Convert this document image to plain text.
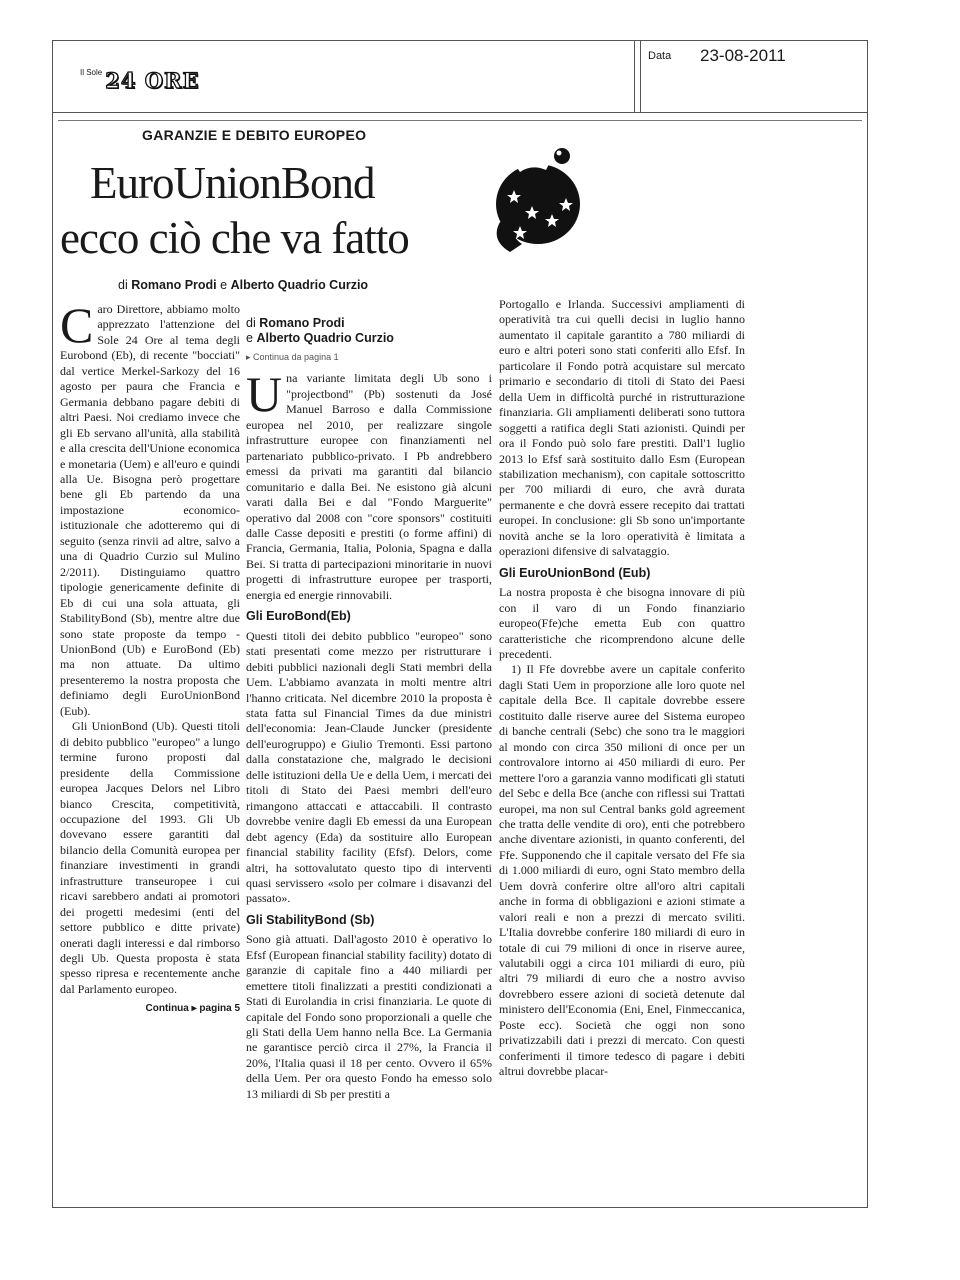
$^{Il Sole}$ 24 ORE
Data 23-08-2011
GARANZIE E DEBITO EUROPEO
EuroUnionBond
ecco ciò che va fatto
di Romano Prodi e Alberto Quadrio Curzio

Caro Direttore, abbiamo molto apprezzato l'attenzione del Sole 24 Ore al tema degli Eurobond (Eb), di recente "bocciati" dal vertice Merkel-Sarkozy del 16 agosto per paura che Francia e Germania debbano pagare debiti di altri Paesi. Noi crediamo invece che gli Eb servano all'unità, alla stabilità e alla crescita dell'Unione economica e monetaria (Uem) e all'euro e quindi alla Ue. Bisogna però progettare bene gli Eb partendo da una impostazione economico-istituzionale che adotteremo qui di seguito (senza rinvii ad altre, salvo a una di Quadrio Curzio sul Mulino 2/2011). Distinguiamo quattro tipologie genericamente definite di Eb di cui una sola attuata, gli StabilityBond (Sb), mentre altre due sono state proposte da tempo - UnionBond (Ub) e EuroBond (Eb) ma non attuate. Da ultimo presenteremo la nostra proposta che definiamo degli EuroUnionBond (Eub).

Gli UnionBond (Ub). Questi titoli di debito pubblico "europeo" a lungo termine furono proposti dal presidente della Commissione europea Jacques Delors nel Libro bianco Crescita, competitività, occupazione del 1993. Gli Ub dovevano essere garantiti dal bilancio della Comunità europea per finanziare investimenti in grandi infrastrutture transeuropee i cui ricavi sarebbero andati ai promotori dei progetti medesimi (enti del settore pubblico e ditte private) onerati dagli interessi e dal rimborso degli Ub. Questa proposta è stata spesso ripresa e recentemente anche dal Parlamento europeo.

Continua ▸ pagina 5
di Romano Prodi
e Alberto Quadrio Curzio
▸ Continua da pagina 1

Una variante limitata degli Ub sono i "projectbond" (Pb) sostenuti da José Manuel Barroso e dalla Commissione europea nel 2010, per realizzare singole infrastrutture europee con finanziamenti nel partenariato pubblico-privato. I Pb andrebbero emessi da privati ma garantiti dal bilancio comunitario e dalla Bei. Ne esistono già alcuni varati dalla Bei e dal "Fondo Marguerite" operativo dal 2008 con "core sponsors" costituiti dalle Casse depositi e prestiti (o forme affini) di Francia, Germania, Italia, Polonia, Spagna e dalla Bei. Si tratta di partecipazioni minoritarie in nuovi progetti di infrastrutture europee per trasporti, energia ed energie rinnovabili.

Gli EuroBond(Eb)

Questi titoli dei debito pubblico "europeo" sono stati presentati come mezzo per ristrutturare i debiti pubblici nazionali degli Stati membri della Uem. L'abbiamo avanzata in molti mentre altri l'hanno criticata. Nel dicembre 2010 la proposta è stata fatta sul Financial Times da due ministri dell'economia: Jean-Claude Juncker (presidente dell'eurogruppo) e Giulio Tremonti. Essi partono dalla constatazione che, malgrado le decisioni delle istituzioni della Ue e della Uem, i mercati dei titoli di Stato dei Paesi membri dell'euro rimangono attaccati e attaccabili. Il contrasto dovrebbe venire dagli Eb emessi da una European debt agency (Eda) da sostituire allo European financial stability facility (Efsf). Delors, come altri, ha sottovalutato questo tipo di interventi quasi servissero «solo per colmare i disavanzi del passato».

Gli StabilityBond (Sb)

Sono già attuati. Dall'agosto 2010 è operativo lo Efsf (European financial stability facility) dotato di garanzie di capitale fino a 440 miliardi per emettere titoli finalizzati a prestiti condizionati a Stati di Eurolandia in crisi finanziaria. Le quote di capitale del Fondo sono proporzionali a quelle che gli Stati della Uem hanno nella Bce. La Germania ne garantisce perciò circa il 27%, la Francia il 20%, l'Italia quasi il 18 per cento. Ovvero il 65% della Uem. Per ora questo Fondo ha emesso solo 13 miliardi di Sb per prestiti a

Portogallo e Irlanda. Successivi ampliamenti di operatività tra cui quelli decisi in luglio hanno aumentato il capitale garantito a 780 miliardi di euro e altri poteri sono stati conferiti allo Efsf. In particolare il Fondo potrà acquistare sul mercato primario e secondario di titoli di Stato dei Paesi della Uem in difficoltà purché in ristrutturazione finanziaria. Gli ampliamenti deliberati sono tuttora soggetti a ratifica degli Stati azionisti. Quindi per ora il Fondo può solo fare prestiti. Dall'1 luglio 2013 lo Efsf sarà sostituito dallo Esm (European stabilization mechanism), con capitale sottoscritto per 700 miliardi di euro, che avrà durata permanente e che dovrà essere recepito dai trattati europei. In conclusione: gli Sb sono un'importante novità anche se la loro operatività è limitata a operazioni difensive di salvataggio.

Gli EuroUnionBond (Eub)

La nostra proposta è che bisogna innovare di più con il varo di un Fondo finanziario europeo(Ffe)che emetta Eub con quattro caratteristiche che ricomprendono alcune delle precedenti.

1) Il Ffe dovrebbe avere un capitale conferito dagli Stati Uem in proporzione alle loro quote nel capitale della Bce. Il capitale dovrebbe essere costituito dalle riserve auree del Sistema europeo di banche centrali (Sebc) che sono tra le maggiori al mondo con circa 350 milioni di once per un controvalore intorno ai 450 miliardi di euro. Per mettere l'oro a garanzia vanno modificati gli statuti del Sebc e della Bce (anche con riflessi sui Trattati europei, ma non sul Central banks gold agreement che tratta delle vendite di oro), enti che potrebbero anche diventare azionisti, in quanto conferenti, del Ffe. Supponendo che il capitale versato del Ffe sia di 1.000 miliardi di euro, ogni Stato membro della Uem dovrà conferire oltre all'oro altri capitali anche in forma di obbligazioni e azioni stimate a valori reali e non a prezzi di mercato sviliti. L'Italia dovrebbe conferire 180 miliardi di euro in totale di cui 79 milioni di once in riserve auree, valutabili oggi a circa 101 miliardi di euro, più altri 79 miliardi di euro che a nostro avviso dovrebbero essere azioni di società detenute dal ministero dell'Economia (Eni, Enel, Finmeccanica, Poste ecc). Società che oggi non sono privatizzabili dati i prezzi di mercato. Con questi conferimenti il timore tedesco di pagare i debiti altrui dovrebbe placar-
